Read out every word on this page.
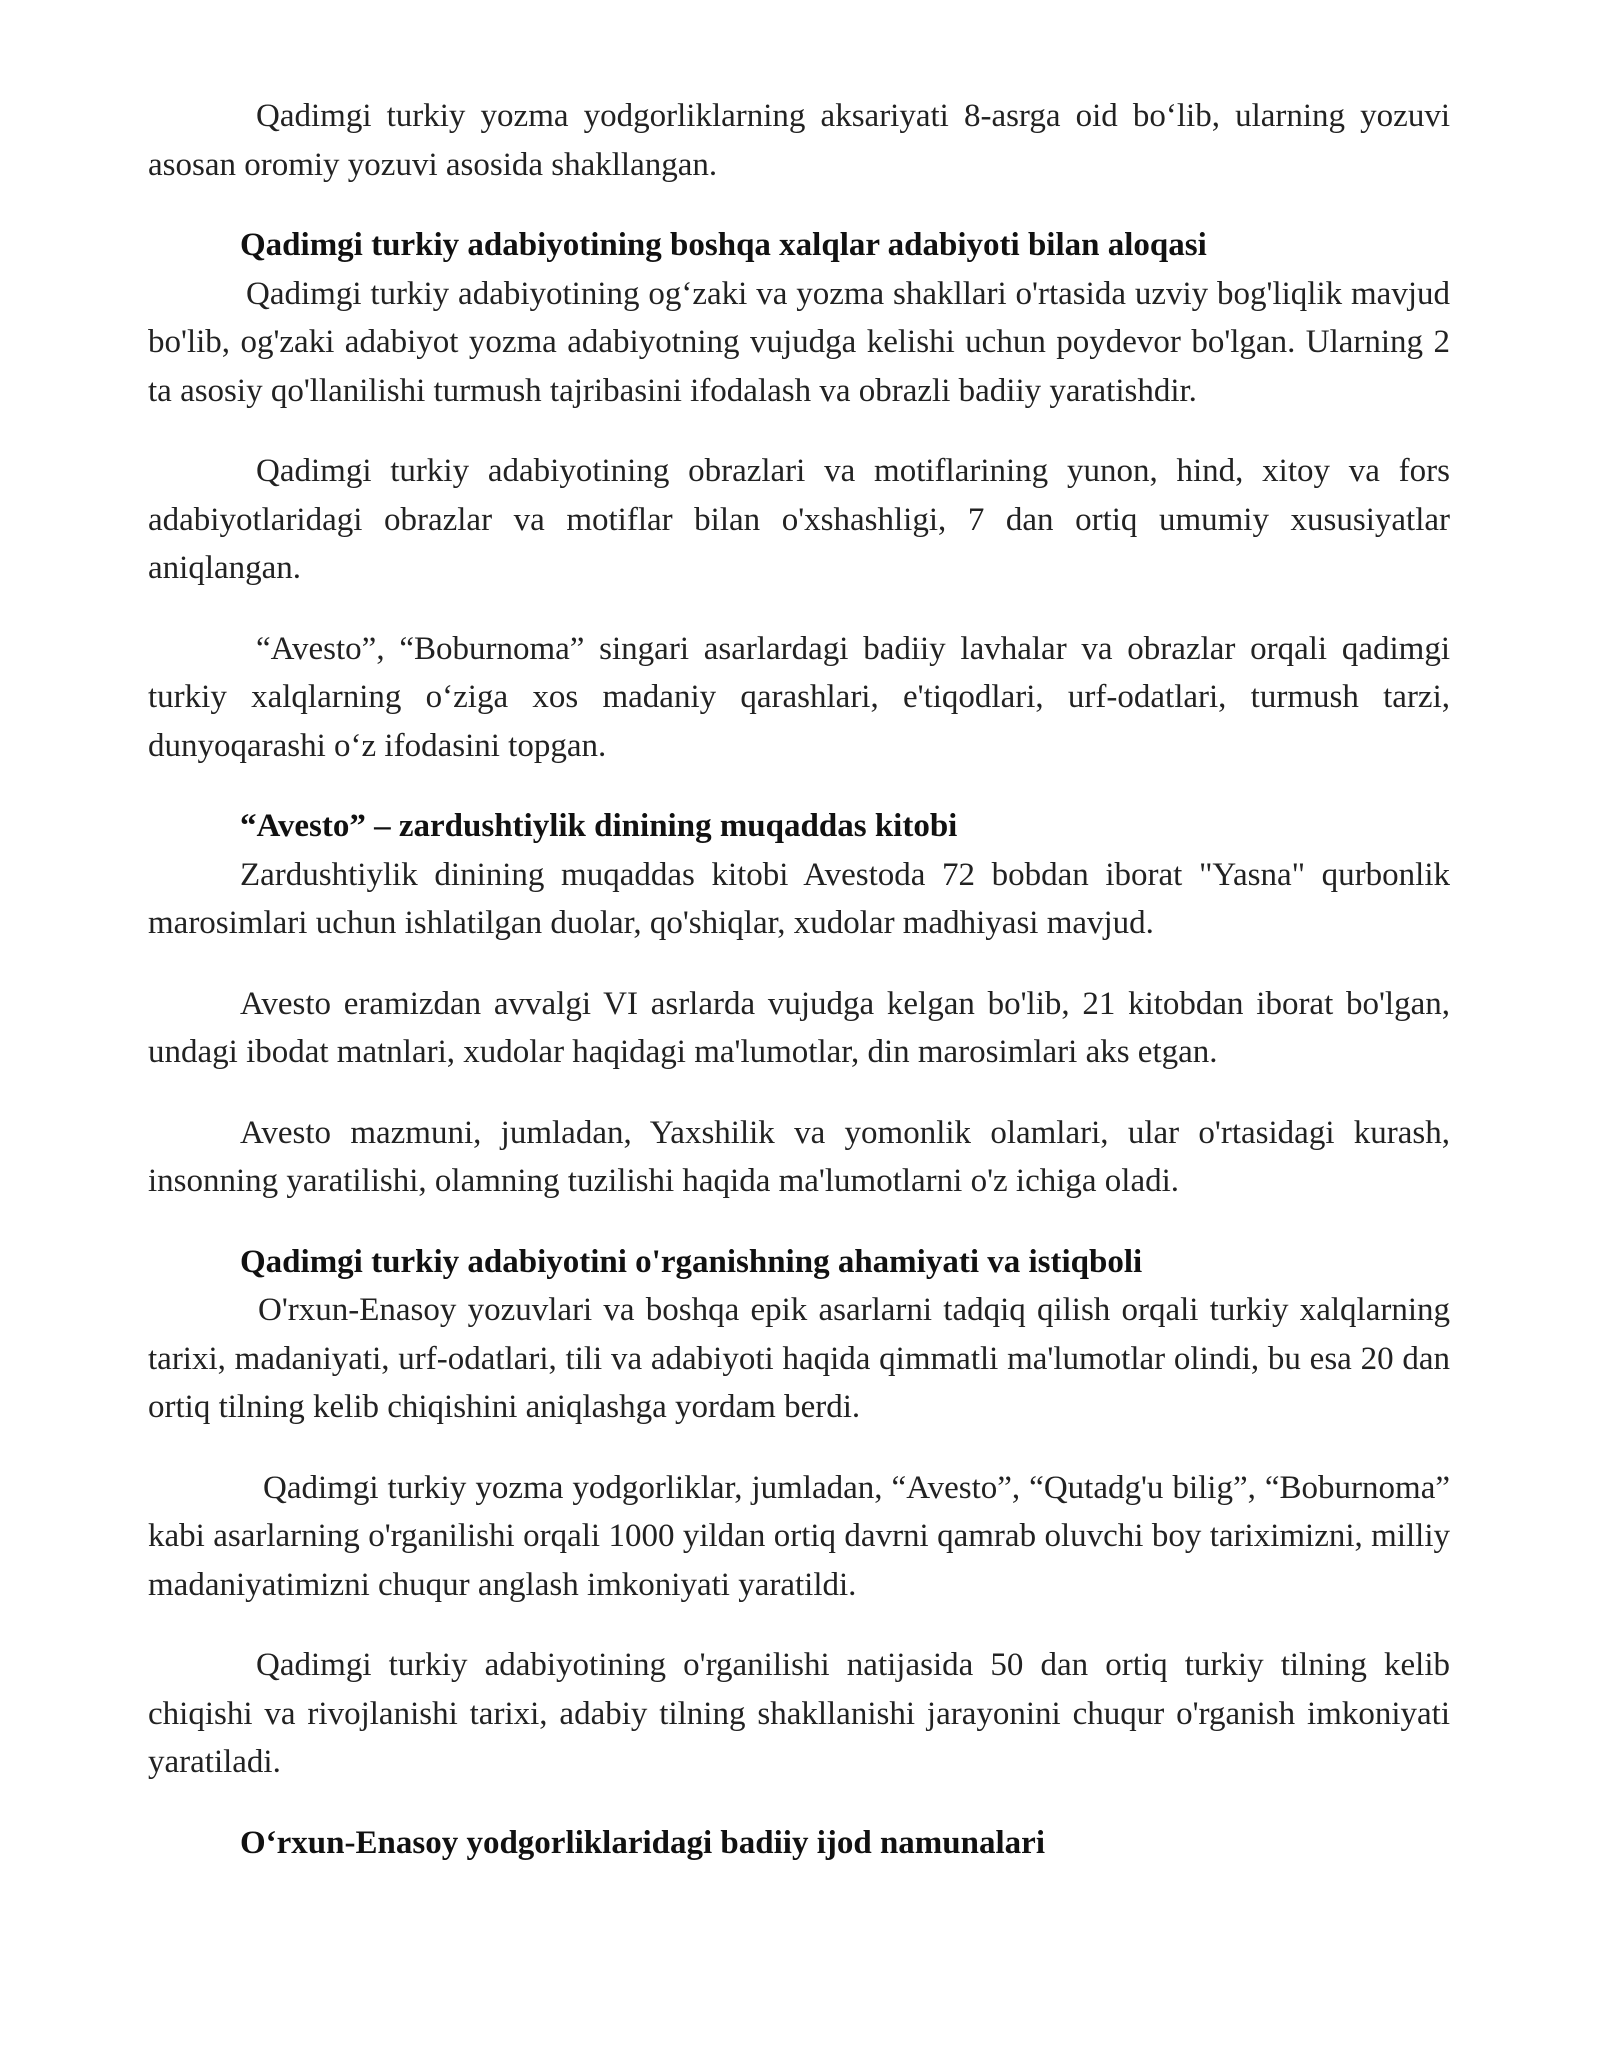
Qadimgi turkiy yozma yodgorliklarning aksariyati 8-asrga oid bo‘lib, ularning yozuvi asosan oromiy yozuvi asosida shakllangan.

Qadimgi turkiy adabiyotining boshqa xalqlar adabiyoti bilan aloqasi

Qadimgi turkiy adabiyotining og‘zaki va yozma shakllari o'rtasida uzviy bog'liqlik mavjud bo'lib, og'zaki adabiyot yozma adabiyotning vujudga kelishi uchun poydevor bo'lgan. Ularning 2 ta asosiy qo'llanilishi turmush tajribasini ifodalash va obrazli badiiy yaratishdir.

Qadimgi turkiy adabiyotining obrazlari va motiflarining yunon, hind, xitoy va fors adabiyotlaridagi obrazlar va motiflar bilan o'xshashligi, 7 dan ortiq umumiy xususiyatlar aniqlangan.

“Avesto”, “Boburnoma” singari asarlardagi badiiy lavhalar va obrazlar orqali qadimgi turkiy xalqlarning o‘ziga xos madaniy qarashlari, e'tiqodlari, urf-odatlari, turmush tarzi, dunyoqarashi o‘z ifodasini topgan.

“Avesto” – zardushtiylik dinining muqaddas kitobi

Zardushtiylik dinining muqaddas kitobi Avestoda 72 bobdan iborat "Yasna" qurbonlik marosimlari uchun ishlatilgan duolar, qo'shiqlar, xudolar madhiyasi mavjud.

Avesto eramizdan avvalgi VI asrlarda vujudga kelgan bo'lib, 21 kitobdan iborat bo'lgan, undagi ibodat matnlari, xudolar haqidagi ma'lumotlar, din marosimlari aks etgan.

Avesto mazmuni, jumladan, Yaxshilik va yomonlik olamlari, ular o'rtasidagi kurash, insonning yaratilishi, olamning tuzilishi haqida ma'lumotlarni o'z ichiga oladi.

Qadimgi turkiy adabiyotini o'rganishning ahamiyati va istiqboli

O'rxun-Enasoy yozuvlari va boshqa epik asarlarni tadqiq qilish orqali turkiy xalqlarning tarixi, madaniyati, urf-odatlari, tili va adabiyoti haqida qimmatli ma'lumotlar olindi, bu esa 20 dan ortiq tilning kelib chiqishini aniqlashga yordam berdi.

Qadimgi turkiy yozma yodgorliklar, jumladan, “Avesto”, “Qutadg'u bilig”, “Boburnoma” kabi asarlarning o'rganilishi orqali 1000 yildan ortiq davrni qamrab oluvchi boy tariximizni, milliy madaniyatimizni chuqur anglash imkoniyati yaratildi.

Qadimgi turkiy adabiyotining o'rganilishi natijasida 50 dan ortiq turkiy tilning kelib chiqishi va rivojlanishi tarixi, adabiy tilning shakllanishi jarayonini chuqur o'rganish imkoniyati yaratiladi.

O‘rxun-Enasoy yodgorliklaridagi badiiy ijod namunalari
